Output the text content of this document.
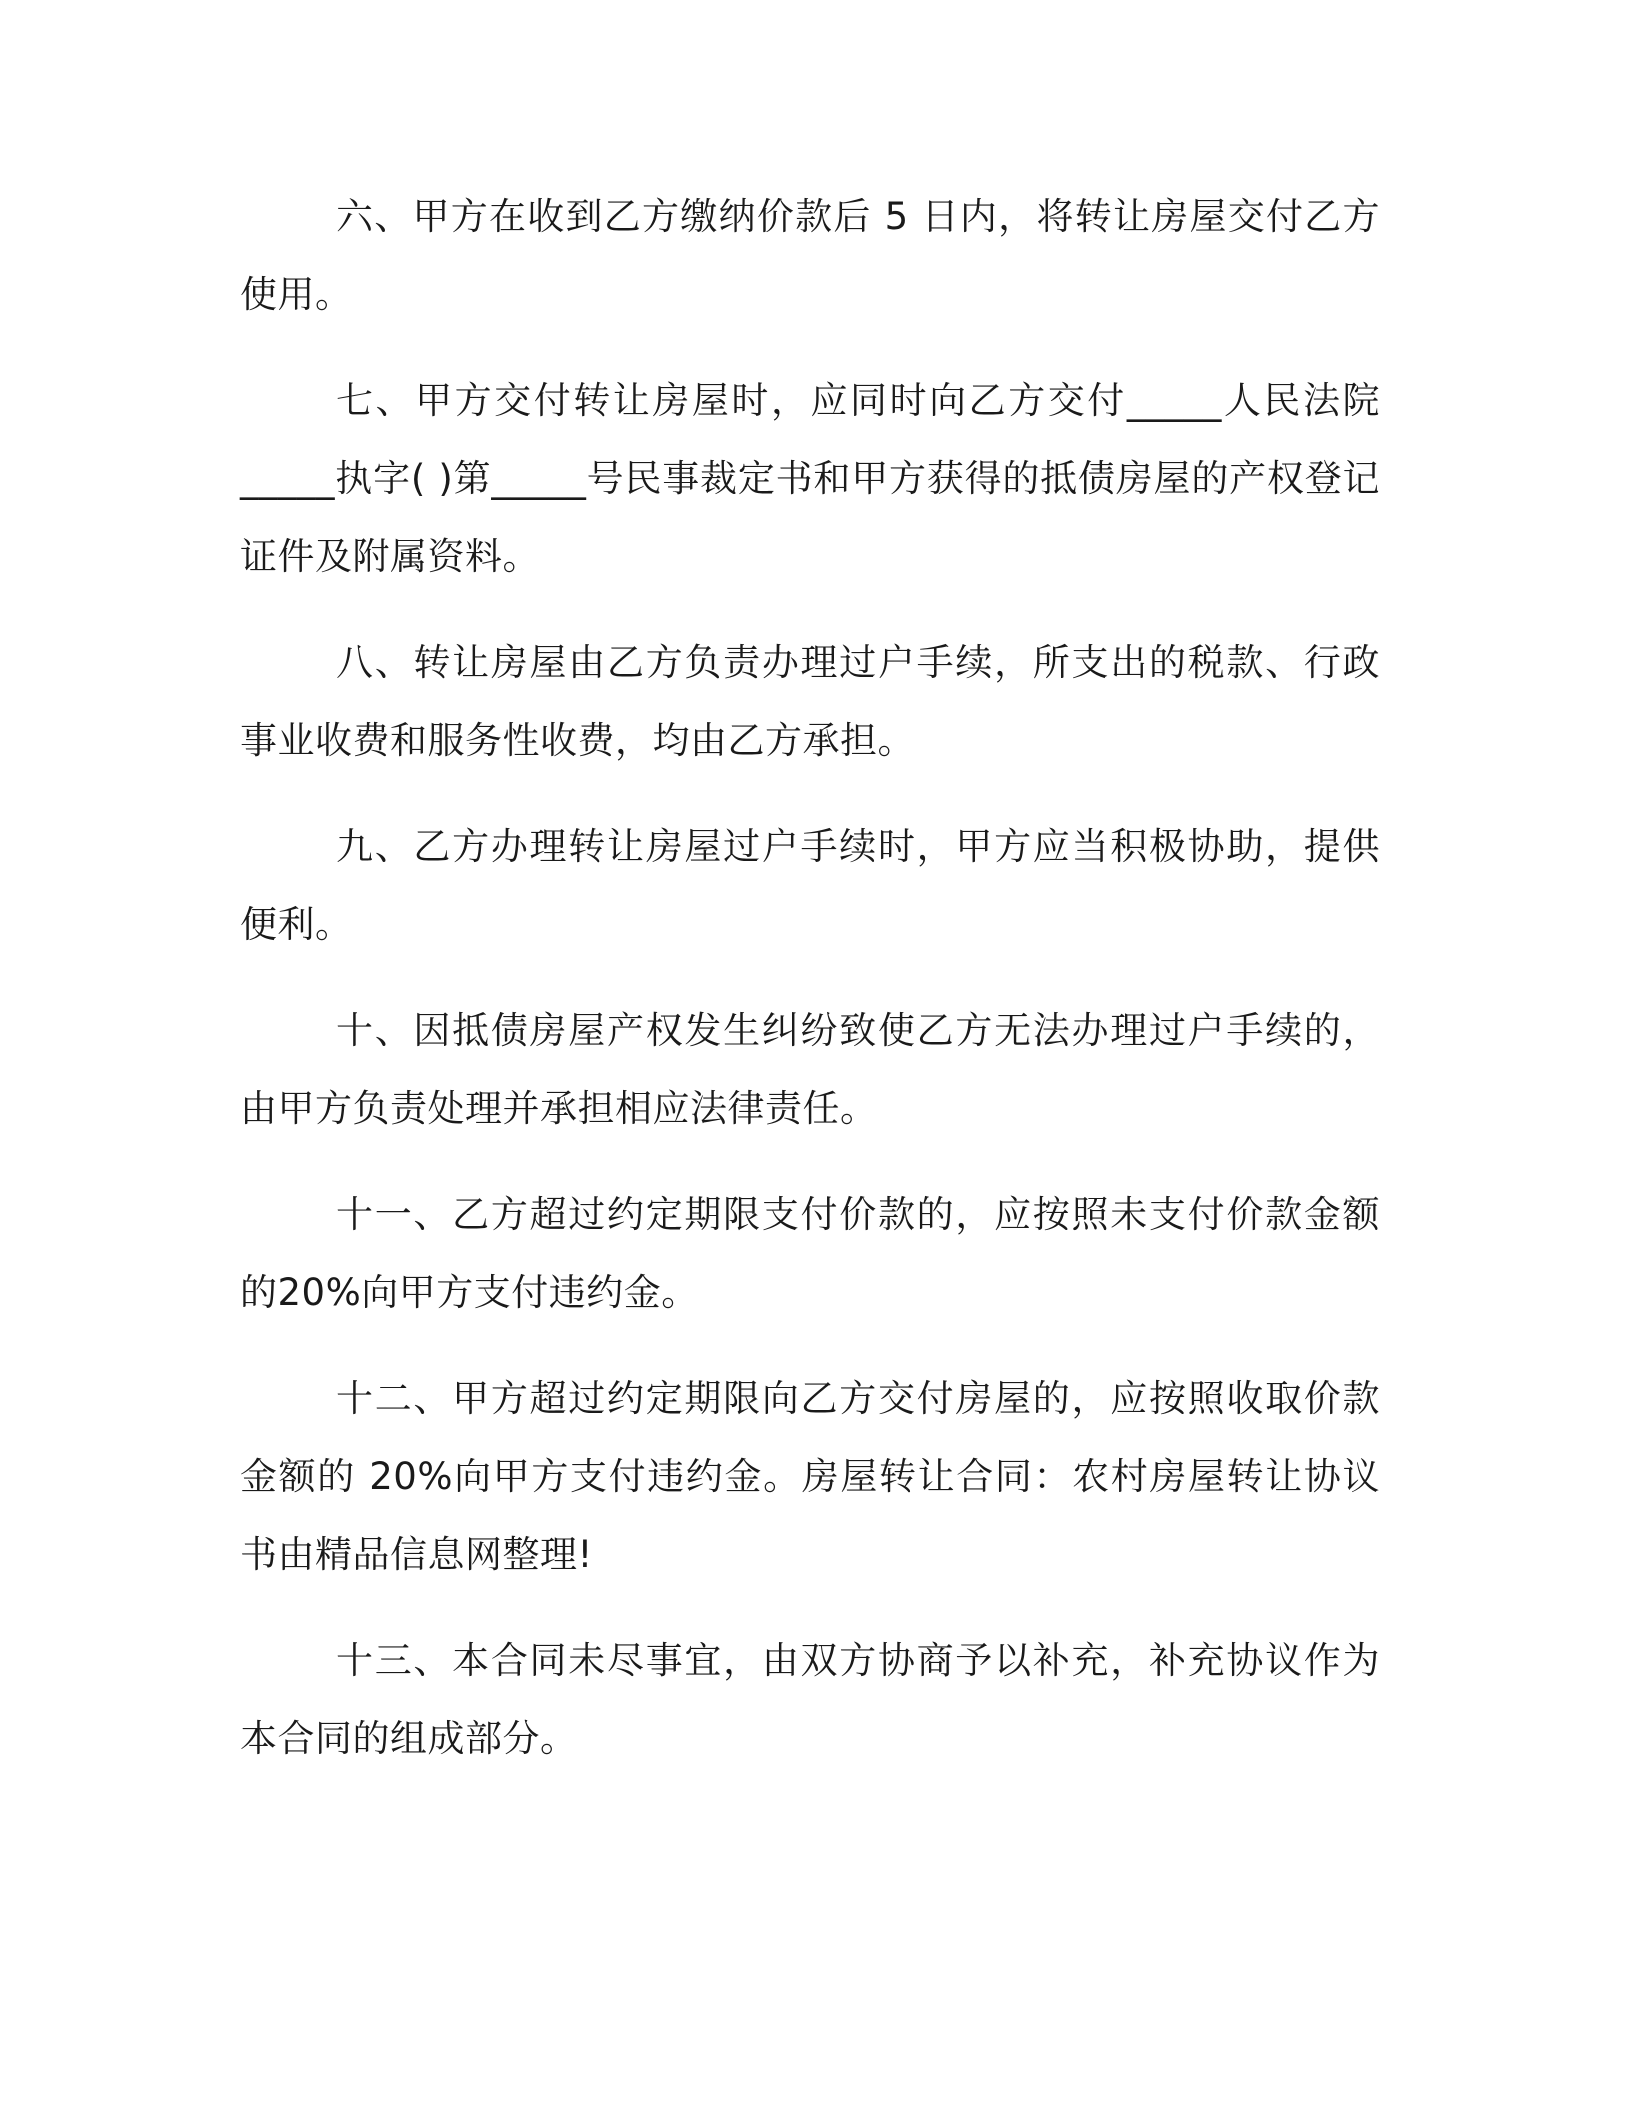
六、甲方在收到乙方缴纳价款后 5 日内，将转让房屋交付乙方使用。

七、甲方交付转让房屋时，应同时向乙方交付_____人民法院_____执字( )第_____号民事裁定书和甲方获得的抵债房屋的产权登记证件及附属资料。

八、转让房屋由乙方负责办理过户手续，所支出的税款、行政事业收费和服务性收费，均由乙方承担。

九、乙方办理转让房屋过户手续时，甲方应当积极协助，提供便利。

十、因抵债房屋产权发生纠纷致使乙方无法办理过户手续的，由甲方负责处理并承担相应法律责任。

十一、乙方超过约定期限支付价款的，应按照未支付价款金额的20%向甲方支付违约金。

十二、甲方超过约定期限向乙方交付房屋的，应按照收取价款金额的 20%向甲方支付违约金。房屋转让合同：农村房屋转让协议书由精品信息网整理!

十三、本合同未尽事宜，由双方协商予以补充，补充协议作为本合同的组成部分。
